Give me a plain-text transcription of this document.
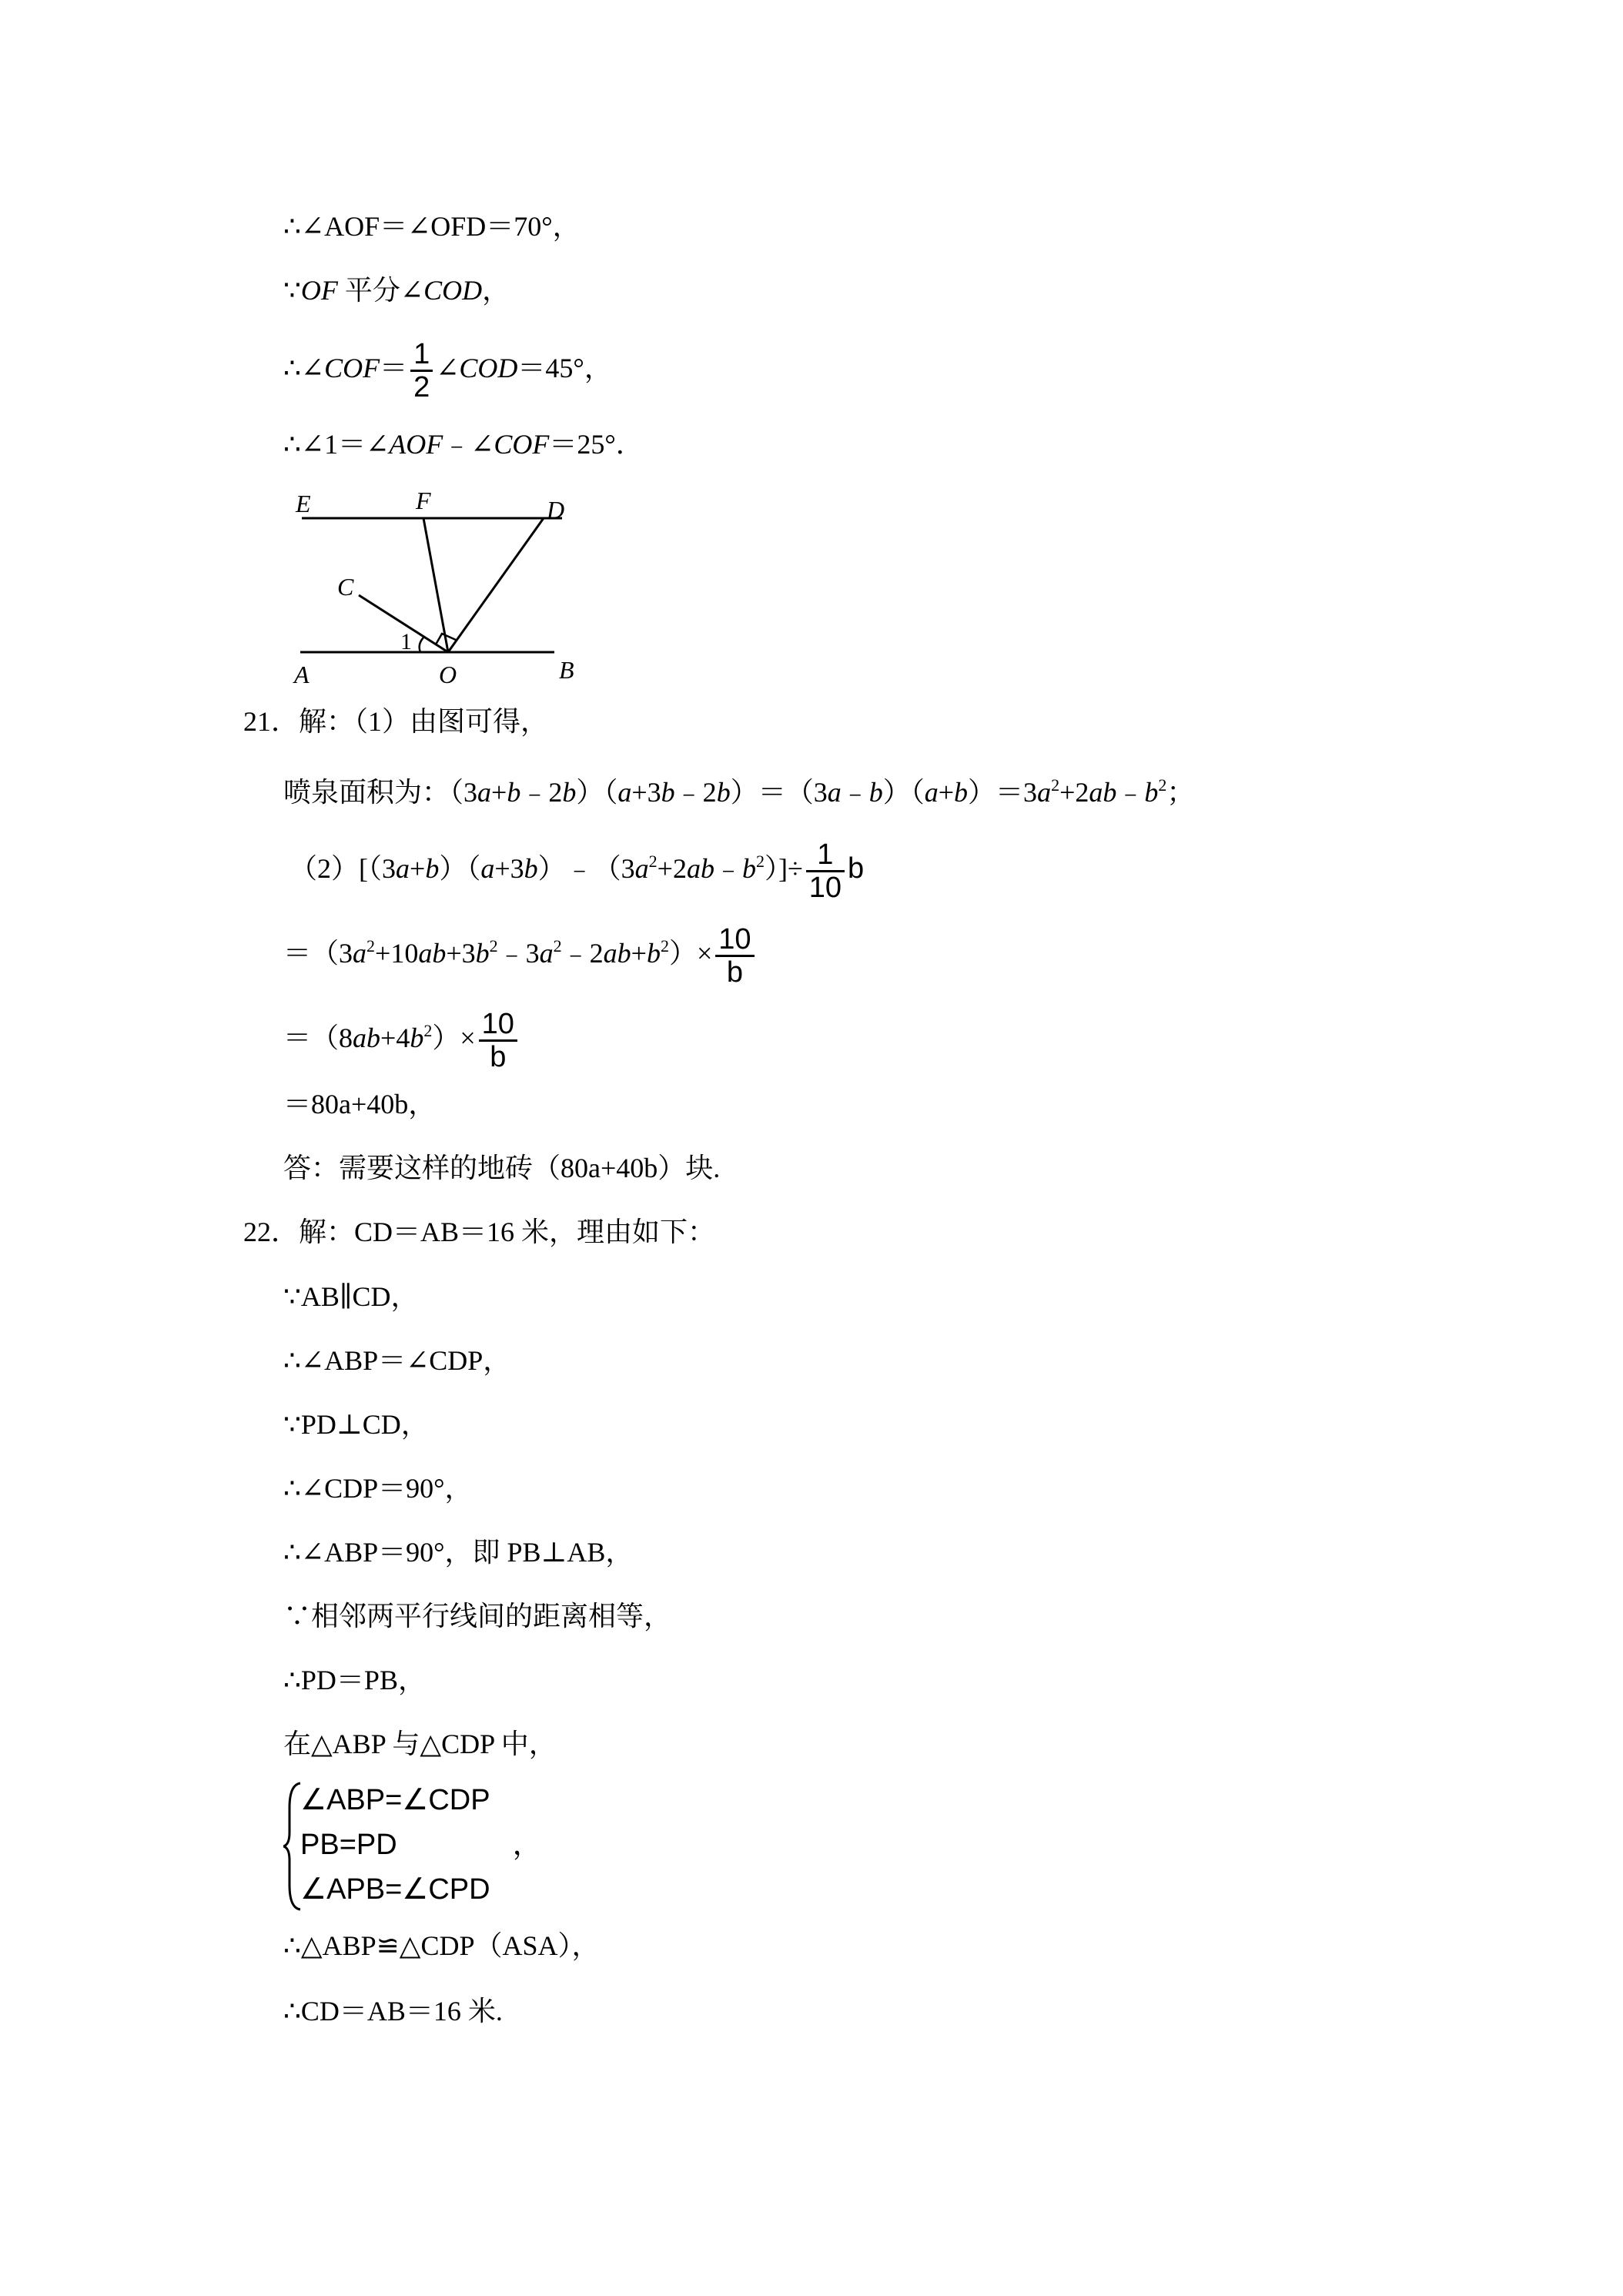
∴∠AOF＝∠OFD＝70°，
∵OF 平分∠COD，
∴∠COF＝ $\frac{1}{2}$ ∠COD＝45°，
∴∠1＝∠AOF﹣∠COF＝25°．
E	F	D
C
1
A	O	B
21．解：（1）由图可得，
喷泉面积为：$(3a+b﹣2b)(a+3b﹣2b)=(3a﹣b)(a+b)=3a^2+2ab﹣b^2$；
$(2)[(3a+b)(a+3b)﹣(3a^2+2ab﹣b^2)]\div \frac{1}{10}$ b
$=(3a^2+10ab+3b^2﹣3a^2﹣2ab+b^2)\times \frac{10}{b}$
$=(8ab+4b^2)\times \frac{10}{b}$
＝80a+40b，
答：需要这样的地砖（80a+40b）块.
22．解：CD＝AB＝16 米，理由如下：
∵AB∥CD，
∴∠ABP＝∠CDP，
∵PD⊥CD，
∴∠CDP＝90°，
∴∠ABP＝90°，即 PB⊥AB，
∵相邻两平行线间的距离相等，
∴PD＝PB，
在△ABP 与△CDP 中，
∠ABP=∠CDP
PB=PD	，
∠APB=∠CPD
∴△ABP≌△CDP（ASA），
∴CD＝AB＝16 米.
